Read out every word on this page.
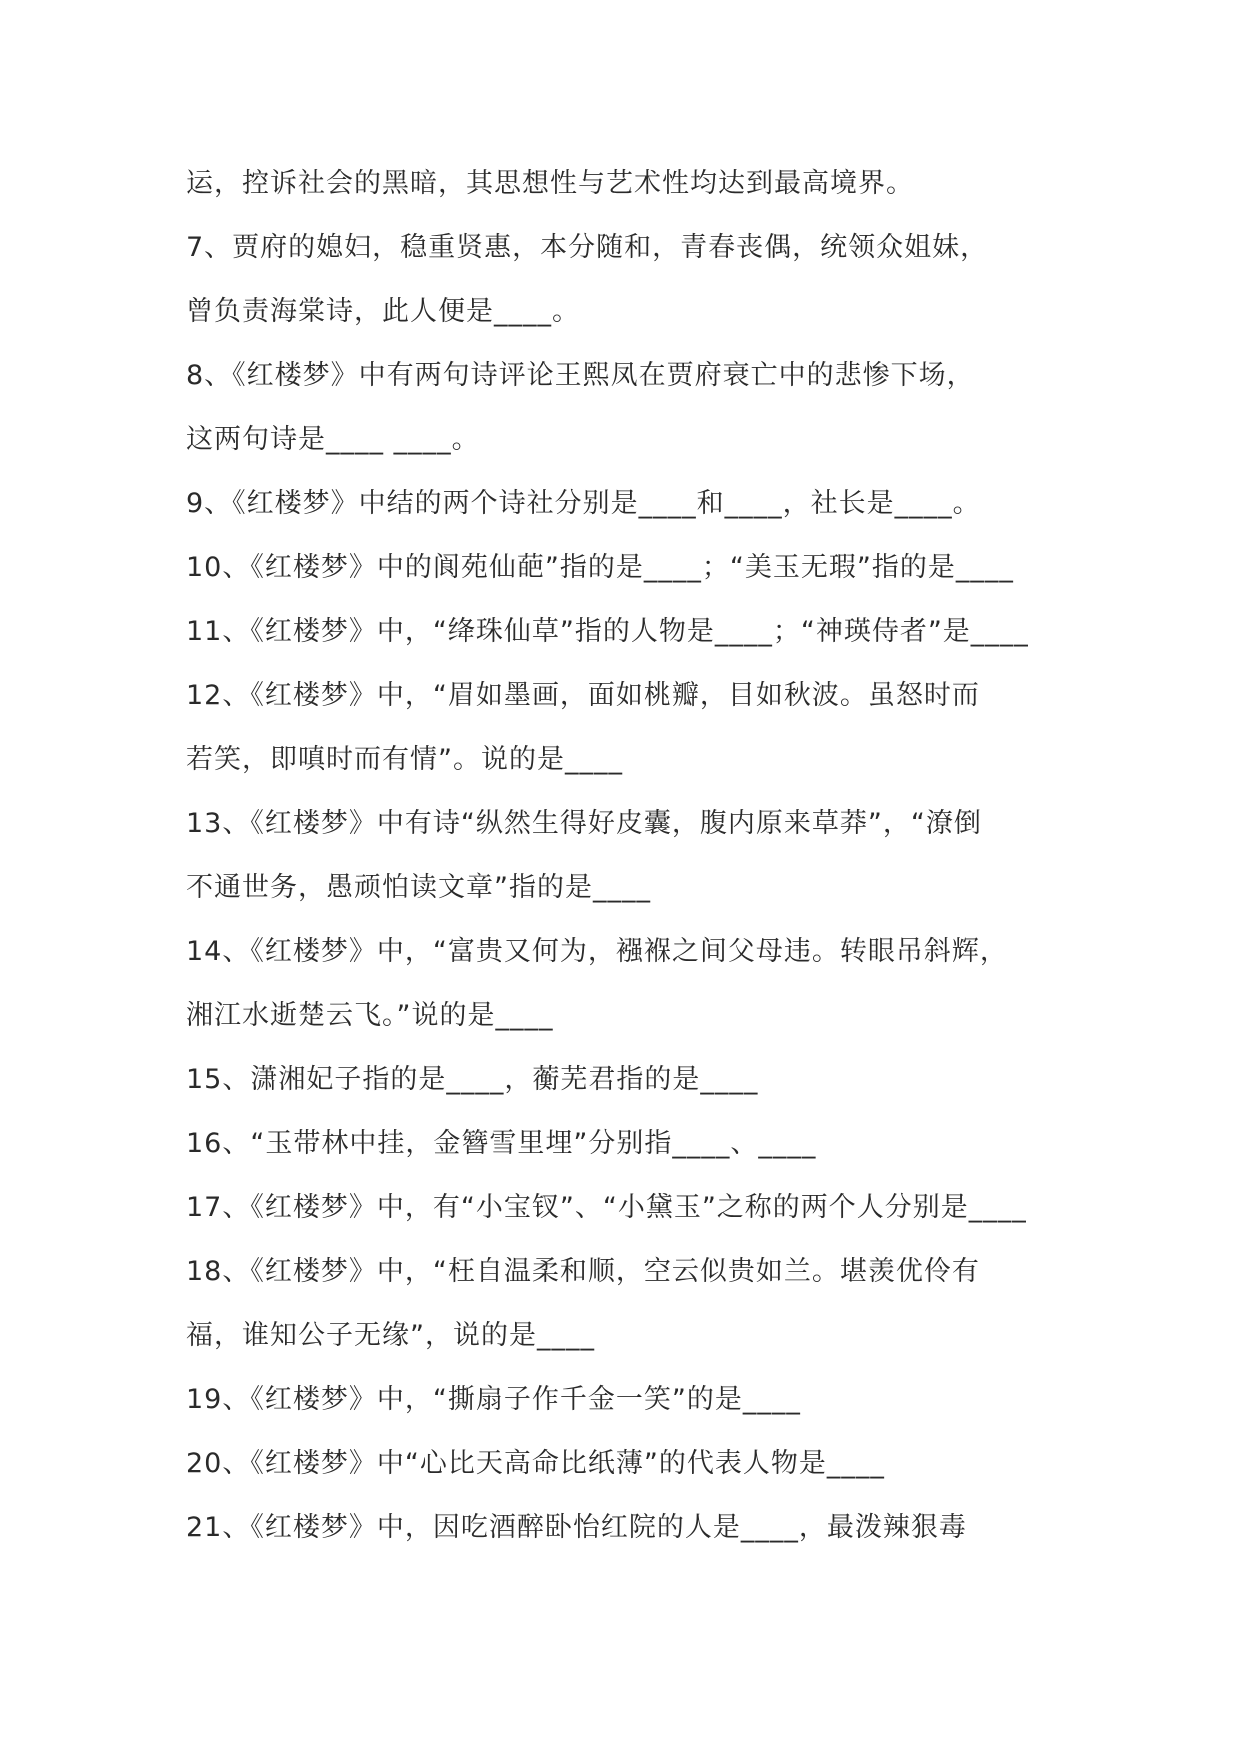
运，控诉社会的黑暗，其思想性与艺术性均达到最高境界。
7、贾府的媳妇，稳重贤惠，本分随和，青春丧偶，统领众姐妹，
曾负责海棠诗，此人便是____。
8、《红楼梦》中有两句诗评论王熙凤在贾府衰亡中的悲惨下场，
这两句诗是____ ____。
9、《红楼梦》中结的两个诗社分别是____和____，社长是____。
10、《红楼梦》中的阆苑仙葩”指的是____；“美玉无瑕”指的是____
11、《红楼梦》中，“绛珠仙草”指的人物是____；“神瑛侍者”是____
12、《红楼梦》中，“眉如墨画，面如桃瓣，目如秋波。虽怒时而
若笑，即嗔时而有情”。说的是____
13、《红楼梦》中有诗“纵然生得好皮囊，腹内原来草莽”，“潦倒
不通世务，愚顽怕读文章”指的是____
14、《红楼梦》中，“富贵又何为，襁褓之间父母违。转眼吊斜辉，
湘江水逝楚云飞。”说的是____
15、潇湘妃子指的是____，蘅芜君指的是____
16、“玉带林中挂，金簪雪里埋”分别指____、____
17、《红楼梦》中，有“小宝钗”、“小黛玉”之称的两个人分别是____
18、《红楼梦》中，“枉自温柔和顺，空云似贵如兰。堪羡优伶有
福，谁知公子无缘”，说的是____
19、《红楼梦》中，“撕扇子作千金一笑”的是____
20、《红楼梦》中“心比天高命比纸薄”的代表人物是____
21、《红楼梦》中，因吃酒醉卧怡红院的人是____，最泼辣狠毒
